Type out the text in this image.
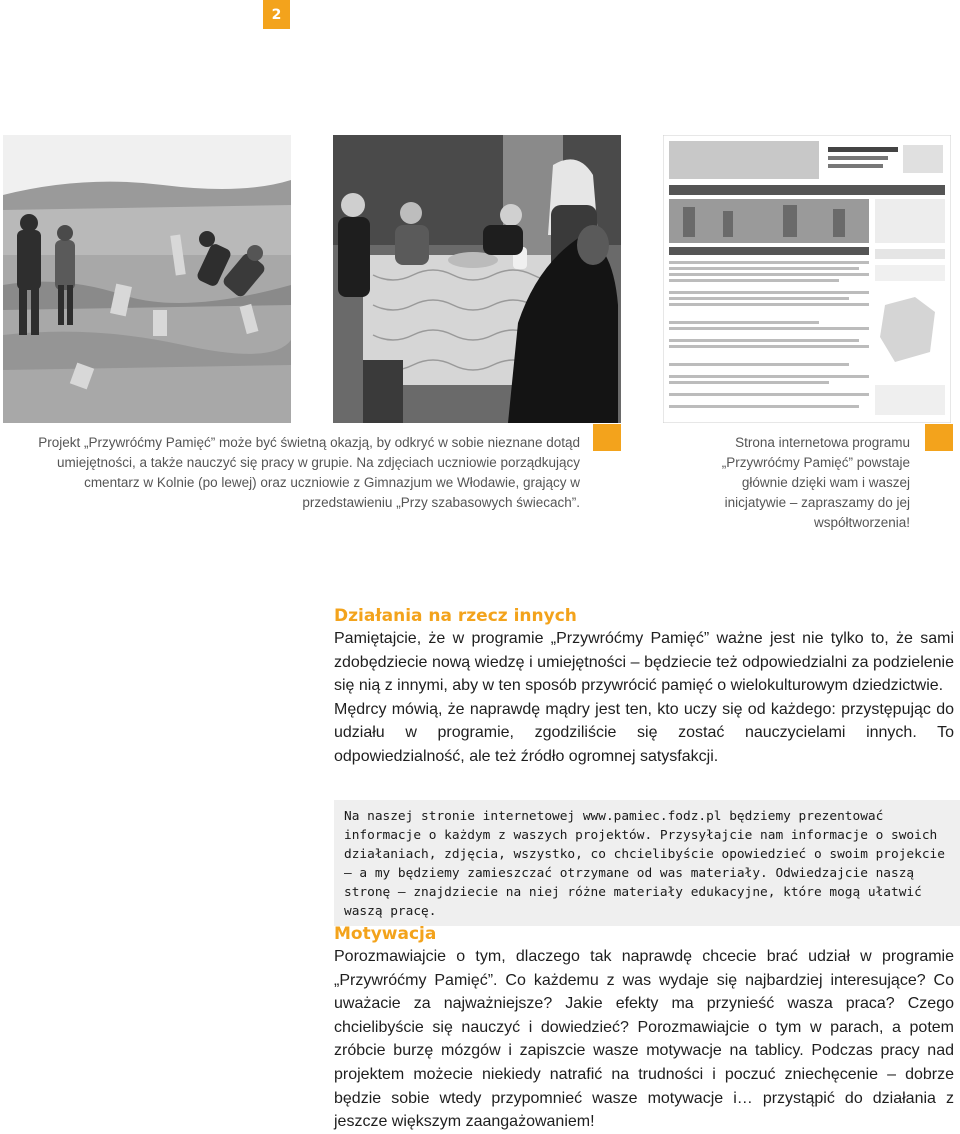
2
Projekt „Przywróćmy Pamięć” może być świetną okazją, by odkryć w sobie nieznane dotąd umiejętności, a także nauczyć się pracy w grupie. Na zdjęciach uczniowie porządkujący cmentarz w Kolnie (po lewej) oraz uczniowie z Gimnazjum we Włodawie, grający w przedstawieniu „Przy szabasowych świecach”.
Strona internetowa programu „Przywróćmy Pamięć” powstaje głównie dzięki wam i waszej inicjatywie – zapraszamy do jej współtworzenia!
Działania na rzecz innych

Pamiętajcie, że w programie „Przywróćmy Pamięć” ważne jest nie tylko to, że sami zdobędziecie nową wiedzę i umiejętności – będziecie też odpowiedzialni za podzielenie się nią z innymi, aby w ten sposób przywrócić pamięć o wielokulturowym dziedzictwie.

Mędrcy mówią, że naprawdę mądry jest ten, kto uczy się od każdego: przystępując do udziału w programie, zgodziliście się zostać nauczycielami innych. To odpowiedzialność, ale też źródło ogromnej satysfakcji.

Na naszej stronie internetowej www.pamiec.fodz.pl będziemy prezentować informacje o każdym z waszych projektów. Przysyłajcie nam informacje o swoich działaniach, zdjęcia, wszystko, co chcielibyście opowiedzieć o swoim projekcie – a my będziemy zamieszczać otrzymane od was materiały. Odwiedzajcie naszą stronę – znajdziecie na niej różne materiały edukacyjne, które mogą ułatwić waszą pracę.
Motywacja

Porozmawiajcie o tym, dlaczego tak naprawdę chcecie brać udział w programie „Przywróćmy Pamięć”. Co każdemu z was wydaje się najbardziej interesujące? Co uważacie za najważniejsze? Jakie efekty ma przynieść wasza praca? Czego chcielibyście się nauczyć i dowiedzieć? Porozmawiajcie o tym w parach, a potem zróbcie burzę mózgów i zapiszcie wasze motywacje na tablicy. Podczas pracy nad projektem możecie niekiedy natrafić na trudności i poczuć zniechęcenie – dobrze będzie sobie wtedy przypomnieć wasze motywacje i… przystąpić do działania z jeszcze większym zaangażowaniem!
